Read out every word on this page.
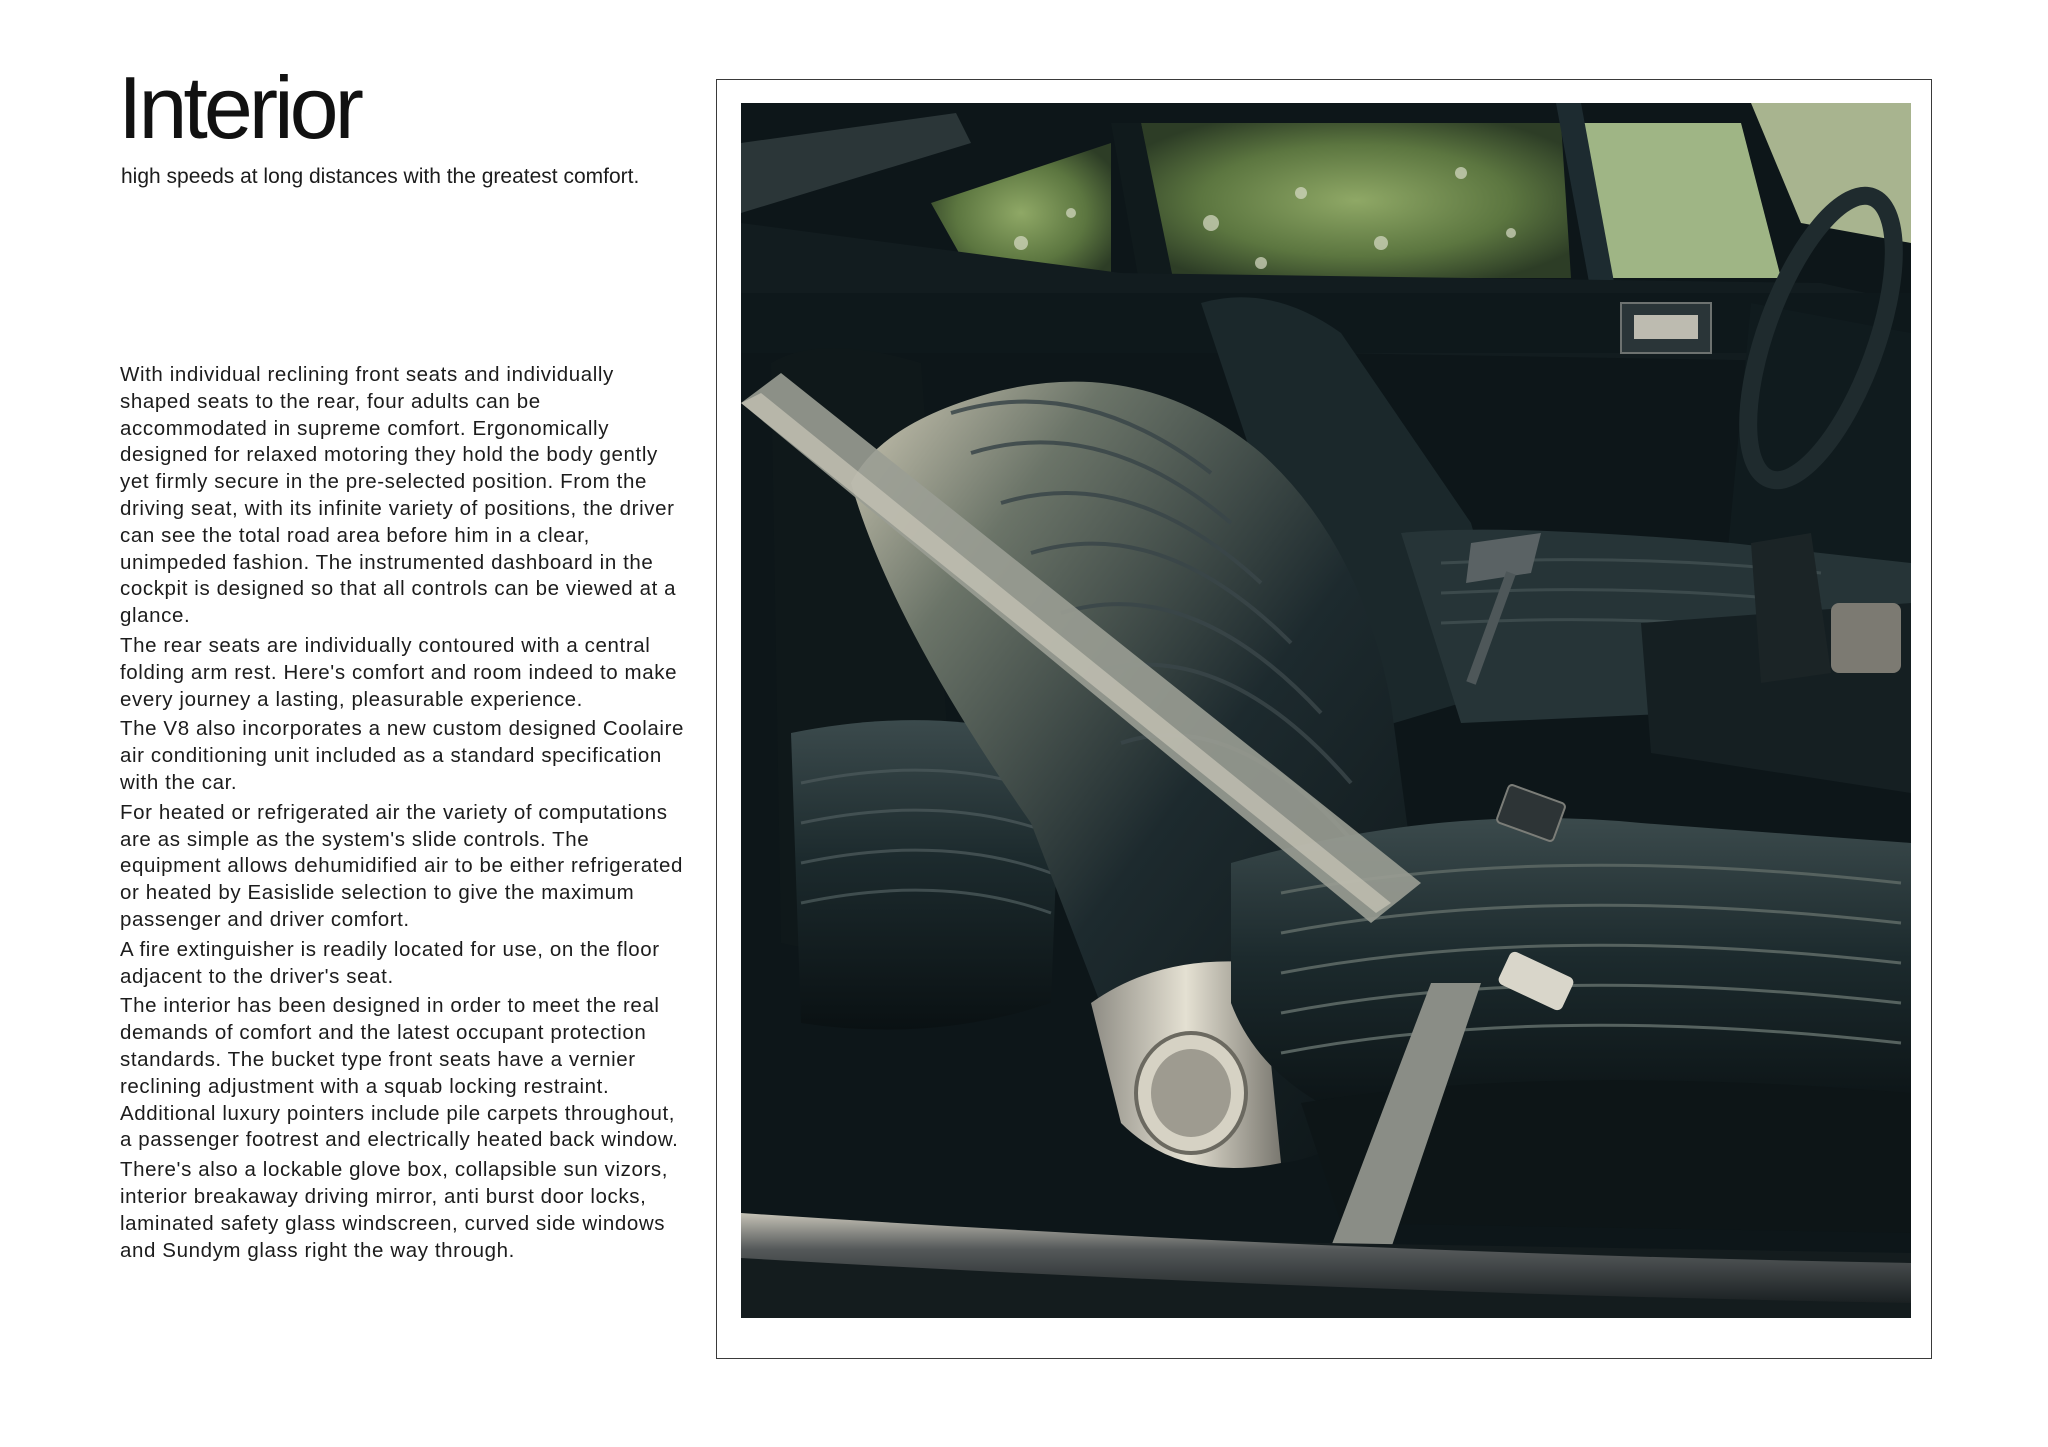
Interior

high speeds at long distances with the greatest comfort.

With individual reclining front seats and individually shaped seats to the rear, four adults can be accommodated in supreme comfort. Ergonomically designed for relaxed motoring they hold the body gently yet firmly secure in the pre-selected position. From the driving seat, with its infinite variety of positions, the driver can see the total road area before him in a clear, unimpeded fashion. The instrumented dashboard in the cockpit is designed so that all controls can be viewed at a glance.

The rear seats are individually contoured with a central folding arm rest. Here's comfort and room indeed to make every journey a lasting, pleasurable experience.

The V8 also incorporates a new custom designed Coolaire air conditioning unit included as a standard specification with the car.

For heated or refrigerated air the variety of computations are as simple as the system's slide controls. The equipment allows dehumidified air to be either refrigerated or heated by Easislide selection to give the maximum passenger and driver comfort.

A fire extinguisher is readily located for use, on the floor adjacent to the driver's seat.

The interior has been designed in order to meet the real demands of comfort and the latest occupant protection standards. The bucket type front seats have a vernier reclining adjustment with a squab locking restraint. Additional luxury pointers include pile carpets throughout, a passenger footrest and electrically heated back window.

There's also a lockable glove box, collapsible sun vizors, interior breakaway driving mirror, anti burst door locks, laminated safety glass windscreen, curved side windows and Sundym glass right the way through.
